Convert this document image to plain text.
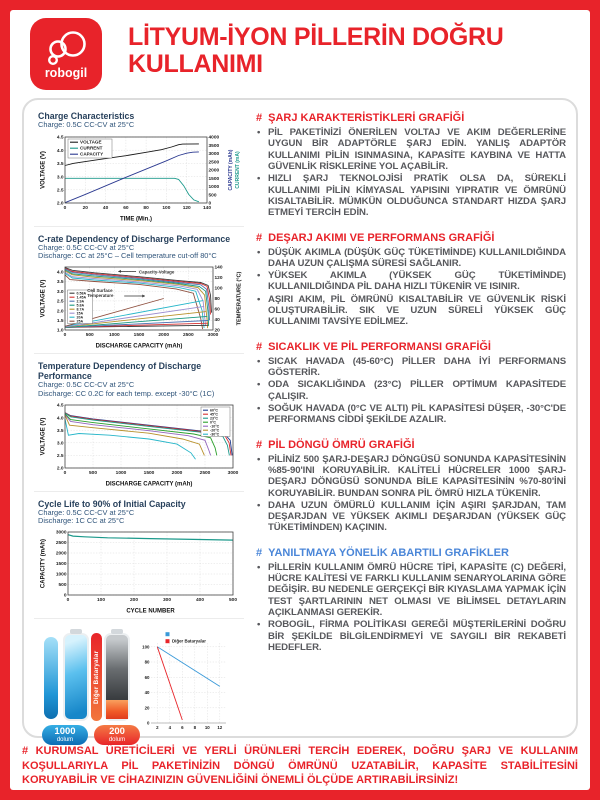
robogil
LİTYUM-İYON PİLLERİN DOĞRU KULLANIMI
Charge Characteristics
Charge: 0.5C CC-CV at 25°C
0	20	40	60	80	100	120	140
2.0
2.5
3.0
3.5
4.0
4.5
0
500
1000
1500
2000
2500
3000
3500
4000
TIME (Min.)
VOLTAGE (V)	CAPACITY (mAh) CURRENT (mA)
VOLTAGE
CURRENT
CAPACITY
C-rate Dependency of Discharge Performance
Charge: 0.5C CC-CV at 25°C
Discharge: CC at 25°C – Cell temperature cut-off 80°C
0	500	1000	1500	2000	2500	3000
1.0
1.5
2.0
2.5
3.0
3.5
4.0
20
40
60
80
100
120
140
DISCHARGE CAPACITY (mAh)
VOLTAGE (V)	TEMPERATURE (°C)
0.58A
1.45A
2.9A
5.8A
8.7A
15A
20A
25A
Capacity-Voltage
Cell Surface
Temperature
Temperature Dependency of Discharge Performance
Charge: 0.5C CC-CV at 25°C
Discharge: CC 0.2C for each temp. except -30°C (1C)
0	500	1000	1500	2000	2500	3000
2.0
2.5
3.0
3.5
4.0
4.5
DISCHARGE CAPACITY (mAh)
VOLTAGE (V)
60°C
45°C
23°C
0°C
-10°C
-20°C
-30°C
Cycle Life to 90% of Initial Capacity
Charge: 0.5C CC-CV at 25°C
Discharge: 1C CC at 25°C
0	100	200	300	400	500
0
500
1000
1500
2000
2500
3000
CYCLE NUMBER
CAPACITY (mAh)
1000
dolum
Diğer Bataryalar
200
dolum
2 4 6 8 10 12
0
20
40
60
80
100
Diğer Bataryalar
# ŞARJ KARAKTERİSTİKLERİ GRAFİĞİ
• PİL PAKETİNİZİ ÖNERİLEN VOLTAJ VE AKIM DEĞERLERİNE UYGUN BİR ADAPTÖRLE ŞARJ EDİN. YANLIŞ ADAPTÖR KULLANIMI PİLİN ISINMASINA, KAPASİTE KAYBINA VE HATTA GÜVENLİK RİSKLERİNE YOL AÇABİLİR.
• HIZLI ŞARJ TEKNOLOJİSİ PRATİK OLSA DA, SÜREKLİ KULLANIMI PİLİN KİMYASAL YAPISINI YIPRATIR VE ÖMRÜNÜ KISALTABİLİR. MÜMKÜN OLDUĞUNCA STANDART HIZDA ŞARJ ETMEYİ TERCİH EDİN.
# DEŞARJ AKIMI VE PERFORMANS GRAFİĞİ
• DÜŞÜK AKIMLA (DÜŞÜK GÜÇ TÜKETİMİNDE) KULLANILDIĞINDA DAHA UZUN ÇALIŞMA SÜRESİ SAĞLANIR.
• YÜKSEK AKIMLA (YÜKSEK GÜÇ TÜKETİMİNDE) KULLANILDIĞINDA PİL DAHA HIZLI TÜKENİR VE ISINIR.
• AŞIRI AKIM, PİL ÖMRÜNÜ KISALTABİLİR VE GÜVENLİK RİSKİ OLUŞTURABİLİR. SIK VE UZUN SÜRELİ YÜKSEK GÜÇ KULLANIMI TAVSİYE EDİLMEZ.
# SICAKLIK VE PİL PERFORMANSI GRAFİĞİ
• SICAK HAVADA (45-60°C) PİLLER DAHA İYİ PERFORMANS GÖSTERİR.
• ODA SICAKLIĞINDA (23°C) PİLLER OPTİMUM KAPASİTEDE ÇALIŞIR.
• SOĞUK HAVADA (0°C VE ALTI) PİL KAPASİTESİ DÜŞER, -30°C'DE PERFORMANS CİDDİ ŞEKİLDE AZALIR.
# PİL DÖNGÜ ÖMRÜ GRAFİĞİ
• PİLİNİZ 500 ŞARJ-DEŞARJ DÖNGÜSÜ SONUNDA KAPASİTESİNİN %85-90'INI KORUYABİLİR. KALİTELİ HÜCRELER 1000 ŞARJ-DEŞARJ DÖNGÜSÜ SONUNDA BİLE KAPASİTESİNİN %70-80'İNİ KORUYABİLİR. BUNDAN SONRA PİL ÖMRÜ HIZLA TÜKENİR.
• DAHA UZUN ÖMÜRLÜ KULLANIM İÇİN AŞIRI ŞARJDAN, TAM DEŞARJDAN VE YÜKSEK AKIMLI DEŞARJDAN (YÜKSEK GÜÇ TÜKETİMİNDEN) KAÇININ.
# YANILTMAYA YÖNELİK ABARTILI GRAFİKLER
• PİLLERİN KULLANIM ÖMRÜ HÜCRE TİPİ, KAPASİTE (C) DEĞERİ, HÜCRE KALİTESİ VE FARKLI KULLANIM SENARYOLARINA GÖRE DEĞİŞİR. BU NEDENLE GERÇEKÇİ BİR KIYASLAMA YAPMAK İÇİN TEST ŞARTLARININ NET OLMASI VE BİLİMSEL DETAYLARIN AÇIKLANMASI GEREKİR.
• ROBOGİL, FİRMA POLİTİKASI GEREĞİ MÜŞTERİLERİNİ DOĞRU BİR ŞEKİLDE BİLGİLENDİRMEYİ VE SAYGILI BİR REKABETİ HEDEFLER.
# KURUMSAL ÜRETİCİLERİ VE YERLİ ÜRÜNLERİ TERCİH EDEREK, DOĞRU ŞARJ VE KULLANIM KOŞULLARIYLA PİL PAKETİNİZİN DÖNGÜ ÖMRÜNÜ UZATABİLİR, KAPASİTE STABİLİTESİNİ KORUYABİLİR VE CİHAZINIZIN GÜVENLİĞİNİ ÖNEMLİ ÖLÇÜDE ARTIRABİLİRSİNİZ!
